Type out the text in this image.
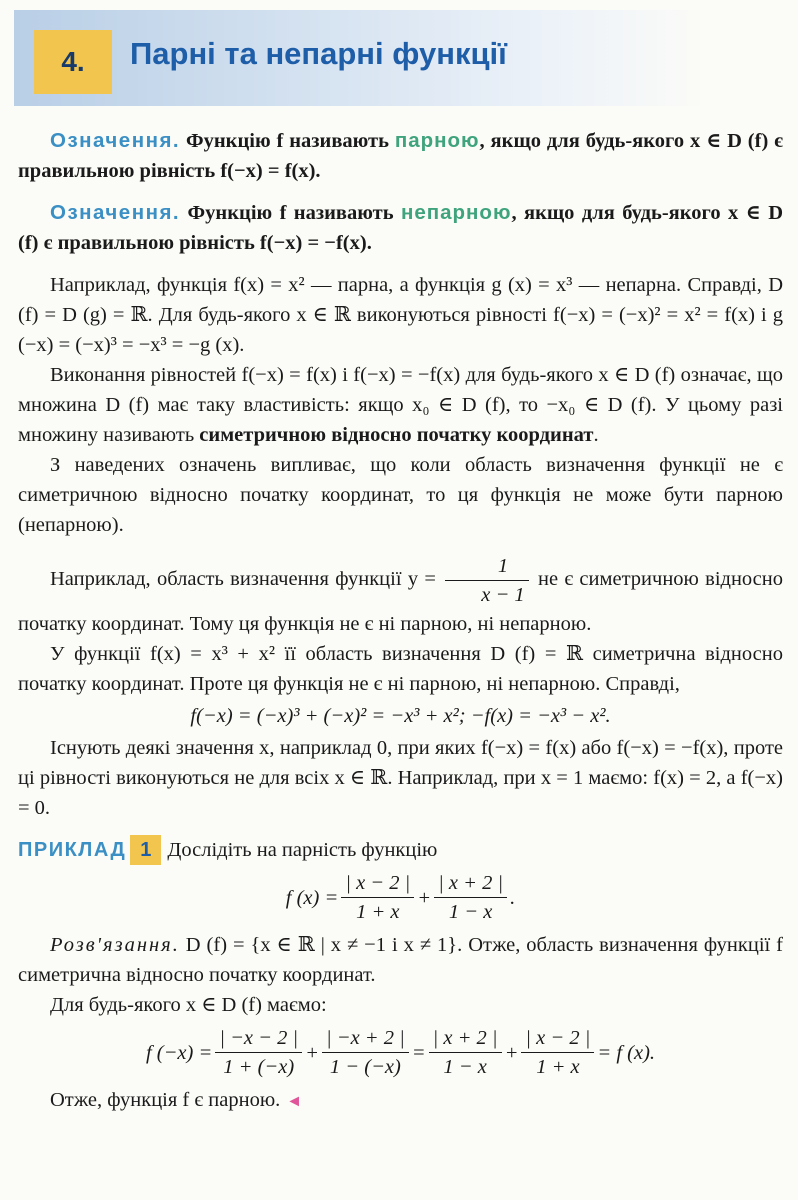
4.	Парні та непарні функції

Означення. Функцію f називають парною, якщо для будь-якого x ∈ D (f) є правильною рівність f(−x) = f(x).

Означення. Функцію f називають непарною, якщо для будь-якого x ∈ D (f) є правильною рівність f(−x) = −f(x).

Наприклад, функція f(x) = x² — парна, а функція g (x) = x³ — непарна. Справді, D (f) = D (g) = ℝ. Для будь-якого x ∈ ℝ виконуються рівності f(−x) = (−x)² = x² = f(x) і g (−x) = (−x)³ = −x³ = −g (x).

Виконання рівностей f(−x) = f(x) і f(−x) = −f(x) для будь-якого x ∈ D (f) означає, що множина D (f) має таку властивість: якщо x₀ ∈ D (f), то −x₀ ∈ D (f). У цьому разі множину називають симетричною відносно початку координат.

З наведених означень випливає, що коли область визначення функції не є симетричною відносно початку координат, то ця функція не може бути парною (непарною).

Наприклад, область визначення функції $y = \frac{1}{x - 1}$ не є симетричною відносно початку координат. Тому ця функція не є ні парною, ні непарною.

У функції f(x) = x³ + x² її область визначення D (f) = ℝ симетрична відносно початку координат. Проте ця функція не є ні парною, ні непарною. Справді,

f(−x) = (−x)³ + (−x)² = −x³ + x²; −f(x) = −x³ − x².

Існують деякі значення x, наприклад 0, при яких f(−x) = f(x) або f(−x) = −f(x), проте ці рівності виконуються не для всіх x ∈ ℝ. Наприклад, при x = 1 маємо: f(x) = 2, а f(−x) = 0.

ПРИКЛАД 1 Дослідіть на парність функцію

f $(x) = \frac{| x - 2 |}{1 + x} + \frac{| x + 2 |}{1 - x}$ .

Розв'язання. D (f) = {x ∈ ℝ | x ≠ −1 і x ≠ 1}. Отже, область визначення функції f симетрична відносно початку координат.

Для будь-якого x ∈ D (f) маємо:

f $(-x) = \frac{| -x - 2 |}{1 + (-x)} + \frac{| -x + 2 |}{1 - (-x)} = \frac{| x + 2 |}{1 - x} + \frac{| x - 2 |}{1 + x} = f$ (x).

Отже, функція f є парною. ◄
